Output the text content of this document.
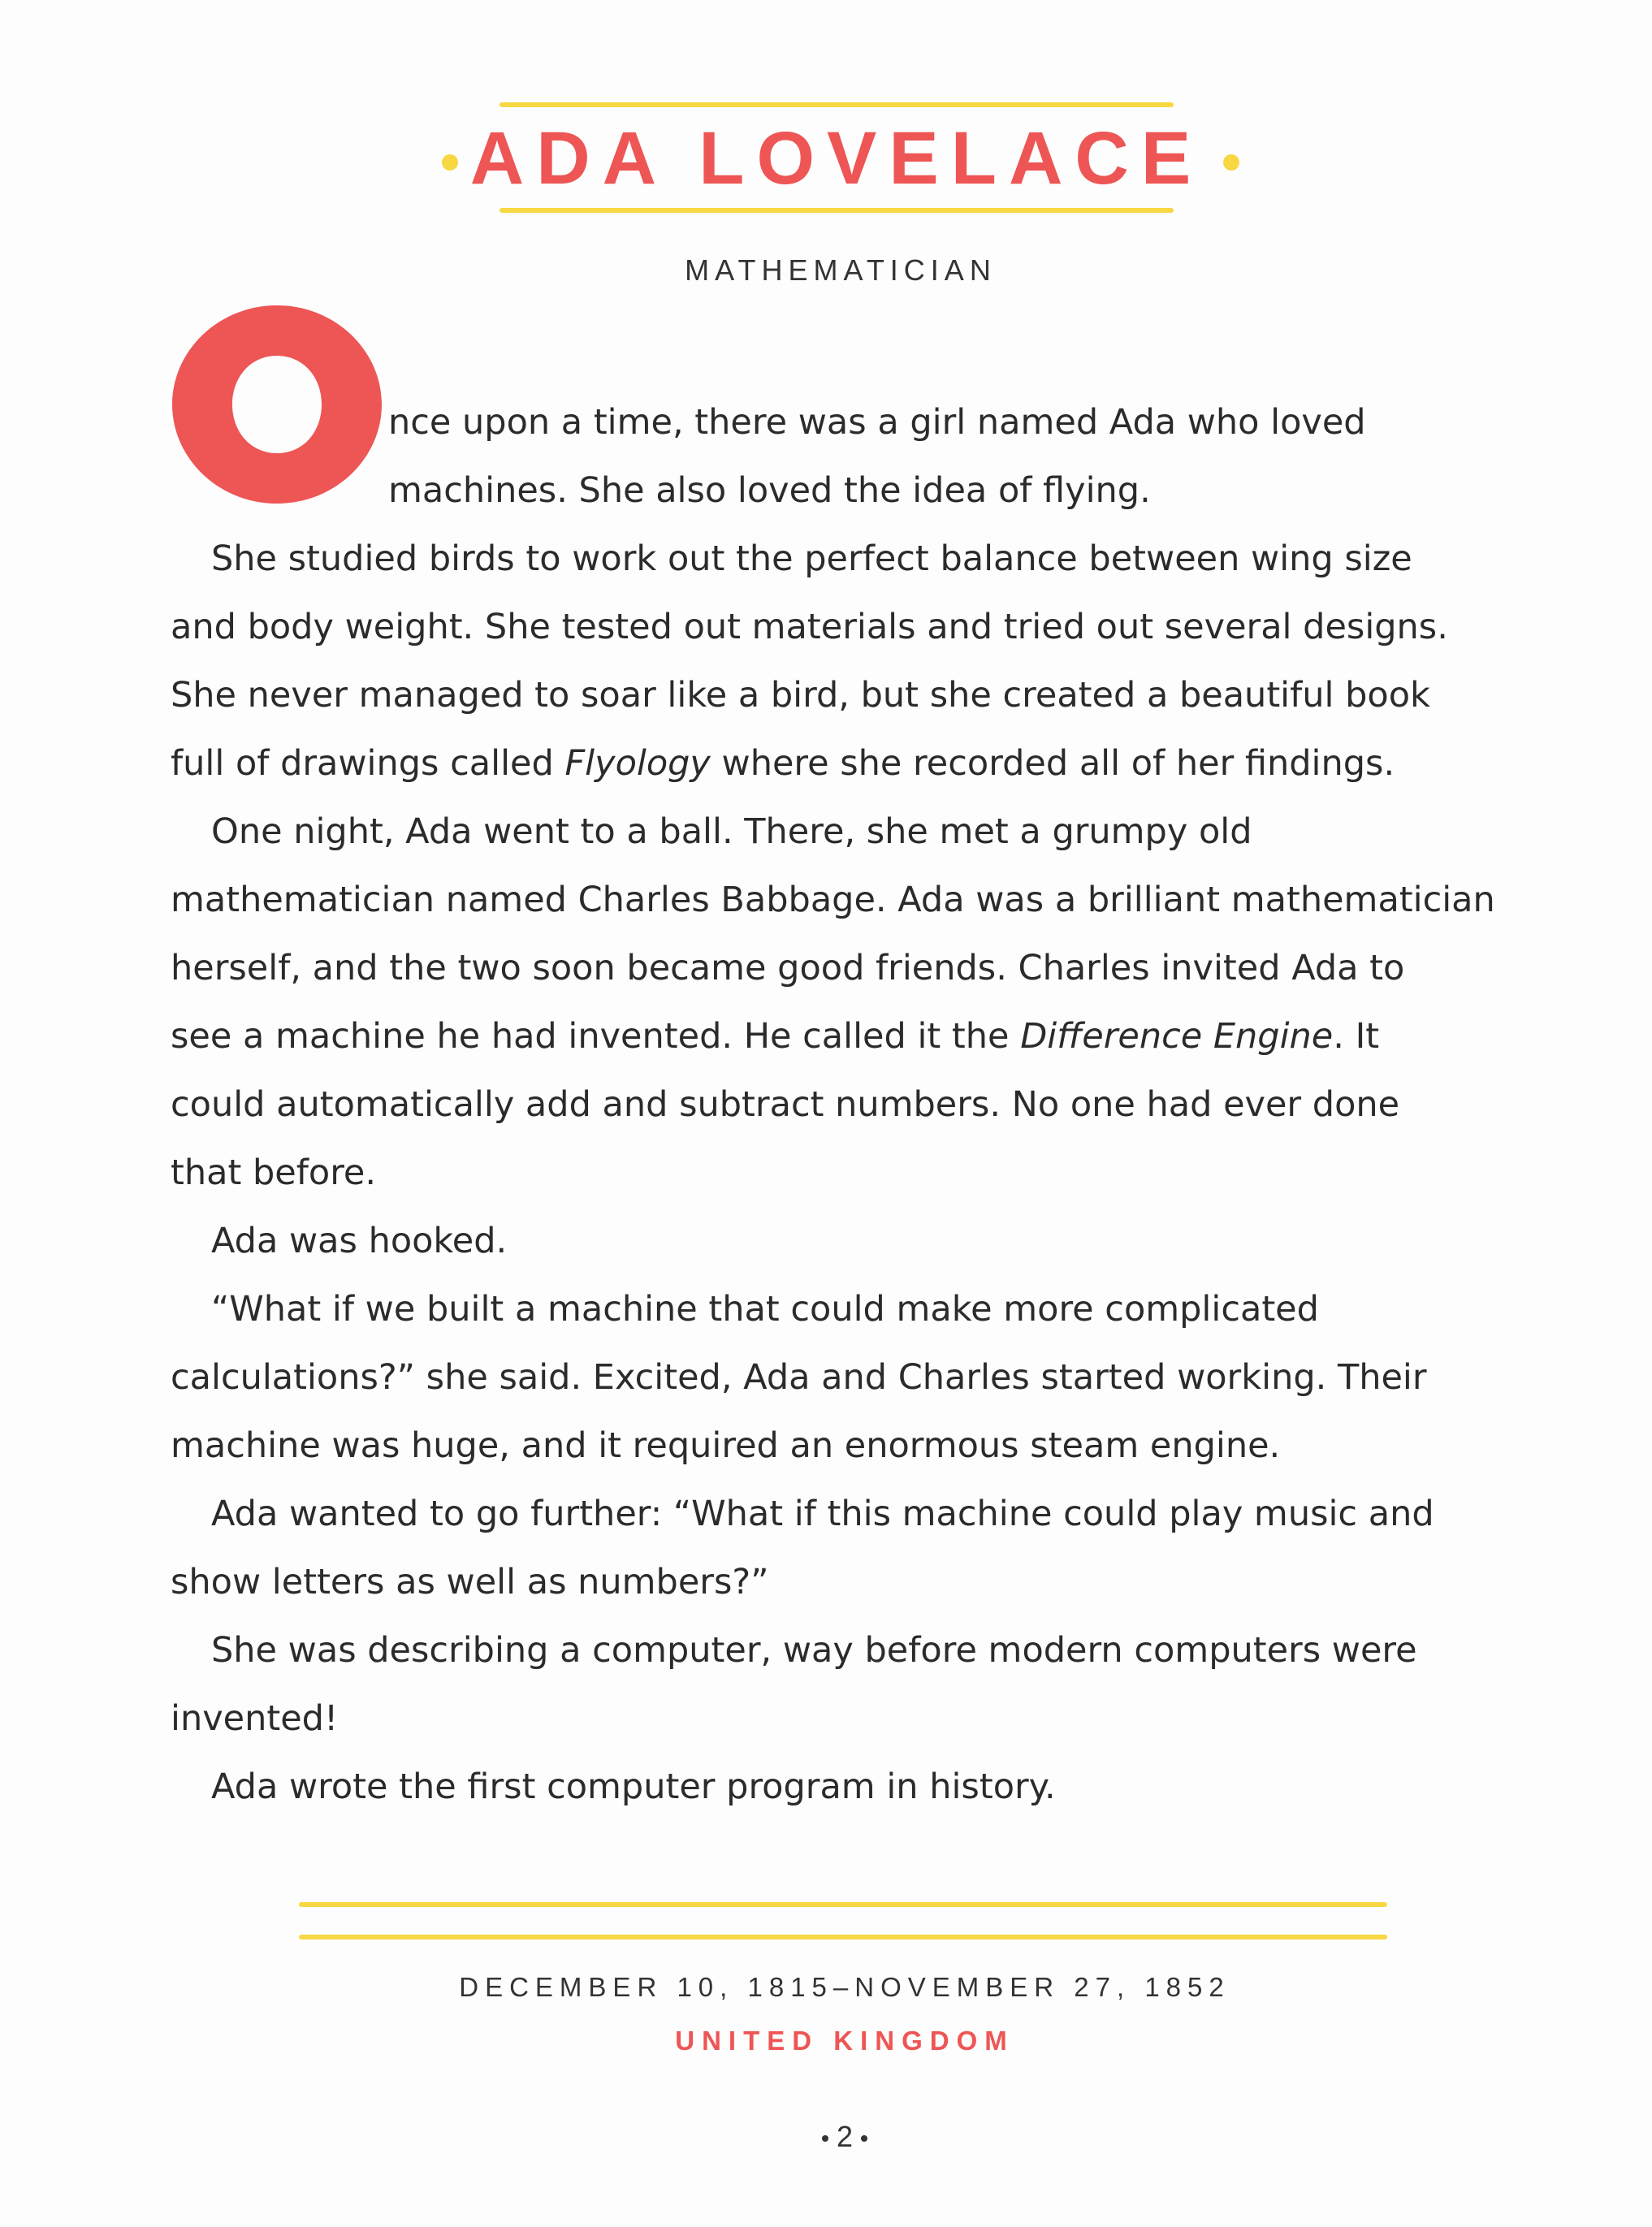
ADA LOVELACE
MATHEMATICIAN
nce upon a time, there was a girl named Ada who loved
machines. She also loved the idea of flying.
She studied birds to work out the perfect balance between wing size
and body weight. She tested out materials and tried out several designs.
She never managed to soar like a bird, but she created a beautiful book
full of drawings called Flyology where she recorded all of her findings.
One night, Ada went to a ball. There, she met a grumpy old
mathematician named Charles Babbage. Ada was a brilliant mathematician
herself, and the two soon became good friends. Charles invited Ada to
see a machine he had invented. He called it the Difference Engine. It
could automatically add and subtract numbers. No one had ever done
that before.
Ada was hooked.
“What if we built a machine that could make more complicated
calculations?” she said. Excited, Ada and Charles started working. Their
machine was huge, and it required an enormous steam engine.
Ada wanted to go further: “What if this machine could play music and
show letters as well as numbers?”
She was describing a computer, way before modern computers were
invented!
Ada wrote the first computer program in history.
DECEMBER 10, 1815–NOVEMBER 27, 1852
UNITED KINGDOM
2
